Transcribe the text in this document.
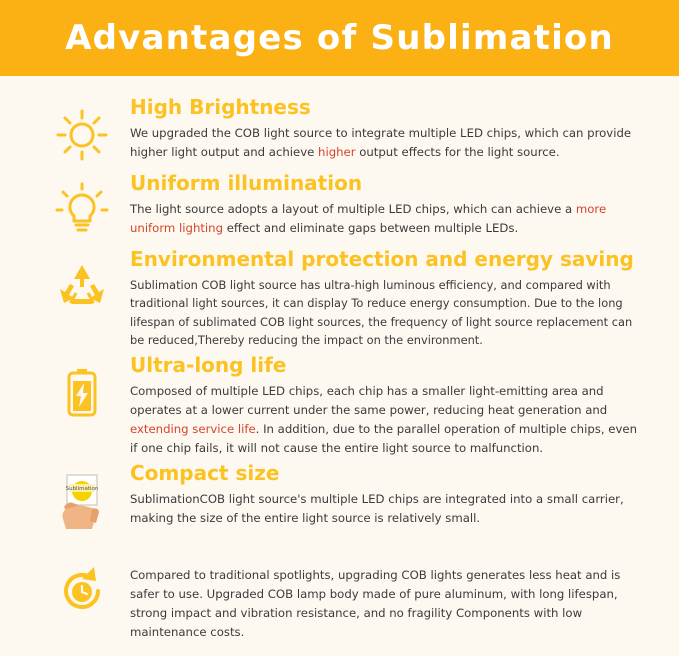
Advantages of Sublimation
High Brightness
We upgraded the COB light source to integrate multiple LED chips, which can provide higher light output and achieve higher output effects for the light source.
Uniform illumination
The light source adopts a layout of multiple LED chips, which can achieve a more uniform lighting effect and eliminate gaps between multiple LEDs.
Environmental protection and energy saving
Sublimation COB light source has ultra-high luminous efficiency, and compared with traditional light sources, it can display To reduce energy consumption. Due to the long lifespan of sublimated COB light sources, the frequency of light source replacement can be reduced,Thereby reducing the impact on the environment.
Ultra-long life
Composed of multiple LED chips, each chip has a smaller light-emitting area and operates at a lower current under the same power, reducing heat generation and extending service life. In addition, due to the parallel operation of multiple chips, even if one chip fails, it will not cause the entire light source to malfunction.
Sublimation
Compact size
SublimationCOB light source's multiple LED chips are integrated into a small carrier, making the size of the entire light source is relatively small.
Compared to traditional spotlights, upgrading COB lights generates less heat and is safer to use. Upgraded COB lamp body made of pure aluminum, with long lifespan, strong impact and vibration resistance, and no fragility Components with low maintenance costs.
